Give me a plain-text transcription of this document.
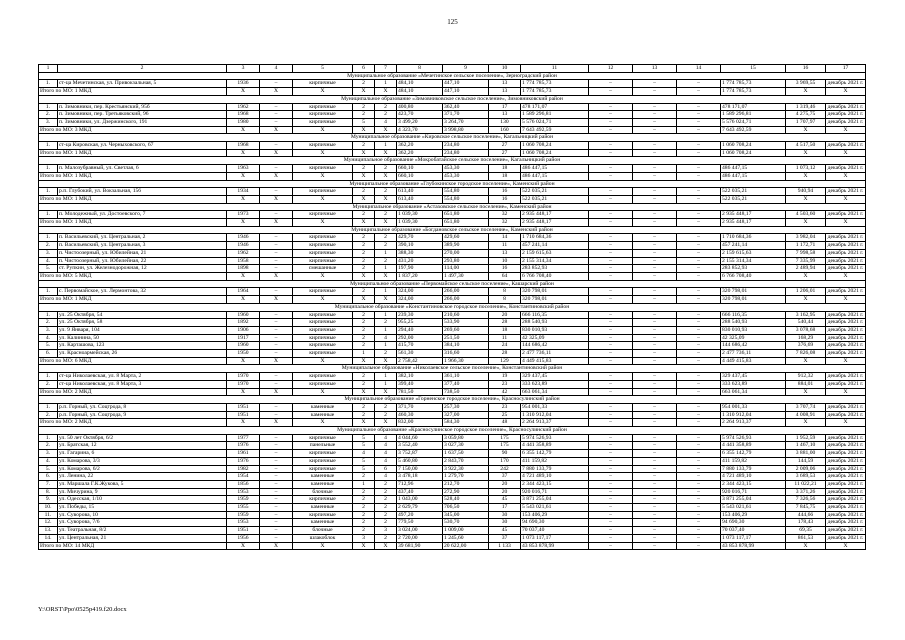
125
1	2	3	4	5	6	7	8	9	10	11	12	13	14	15	16	17
Муниципальное образование «Мечетинское сельское поселение», Зерноградский район																
1.	ст-ца Мечетинская, ул. Привокзальная, 5	1936	–	кирпичные	2	1	484,10	447,10	13	1 774 785,73	–	–	–	1 774 785,73	3 969,55	декабрь 2021 г.
Итого по МО: 1 МКД		X	X	X	X	X	484,10	447,10	13	1 774 785,73	–	–	–	1 774 785,73	X	X
Муниципальное образование «Зимовниковское сельское поселение», Зимовниковский район																
1.	п. Зимовники, пер. Крестьянский, 95б	1962	–	кирпичные	2	2	400,80	362,40	17	478 171,07	–	–	–	478 171,07	1 319,46	декабрь 2021 г.
2.	п. Зимовники, пер. Третьяковский, 96	1968	–	кирпичные	2	2	423,70	371,70	13	1 589 296,81	–	–	–	1 589 296,81	4 275,75	декабрь 2021 г.
3.	п. Зимовники, ул. Дзержинского, 191	1980	–	кирпичные	5	4	3 499,20	3 264,70	130	5 576 024,71	–	–	–	5 576 024,71	1 707,97	декабрь 2021 г.
Итого по МО: 3 МКД		X	X	X	X	X	4 323,70	3 998,80	160	7 643 492,59	–	–	–	7 643 492,59	X	X
Муниципальное образование «Кировское сельское поселение», Кагальницкий район																
1.	ст-ца Кировская, ул. Черныховского, 67	1968	–	кирпичные	2	1	362,20	234,80	27	1 060 708,24	–	–	–	1 060 708,24	4 517,50	декабрь 2021 г.
Итого по МО: 1 МКД		X	X	X	X	X	362,20	234,80	27	1 060 708,24	–	–	–	1 060 708,24	X	X
Муниципальное образование «Мокробатайское сельское поселение», Кагальницкий район																
1.	п. Малозубравный, ул. Светлая, 6	1963	–	кирпичные	2	2	660,10	453,30	18	486 447,15	–	–	–	486 447,15	1 073,12	декабрь 2021 г.
Итого по МО: 1 МКД		X	X	X	X	X	660,10	453,30	18	486 447,15	–	–	–	486 447,15	X	X
Муниципальное образование «Глубокинское городское поселение», Каменский район																
1.	р.п. Глубокий, ул. Вокзальная, 156	1934	–	кирпичные	2	2	613,40	554,80	16	522 035,21	–	–	–	522 035,21	940,94	декабрь 2021 г.
Итого по МО: 1 МКД		X	X	X	X	X	613,40	554,80	16	522 035,21	–	–	–	522 035,21	X	X
Муниципальное образование «Астаховское сельское поселение», Каменский район																
1.	п. Молодежный, ул. Достоевского, 7	1973	–	кирпичные	2	2	1 039,30	651,80	32	2 935 448,17	–	–	–	2 935 448,17	4 503,60	декабрь 2021 г.
Итого по МО: 1 МКД		X	X	X	X	X	1 039,30	651,80	32	2 935 448,17	–	–	–	2 935 448,17	X	X
Муниципальное образование «Богдановское сельское поселение», Каменский район																
1.	п. Васильевский, ул. Центральная, 2	1946	–	кирпичные	2	2	429,70	429,60	14	1 710 684,36	–	–	–	1 710 684,36	3 982,04	декабрь 2021 г.
2.	п. Васильевский, ул. Центральная, 3	1946	–	кирпичные	2	2	390,10	389,90	11	457 241,14	–	–	–	457 241,14	1 172,71	декабрь 2021 г.
3.	п. Чистоозерный, ул. Юбилейная, 21	1962	–	кирпичные	2	1	388,30	270,00	13	2 159 615,63	–	–	–	2 159 615,63	7 998,58	декабрь 2021 г.
4.	п. Чистоозерный, ул. Юбилейная, 22	1958	–	кирпичные	2	2	431,20	293,80	10	2 155 314,34	–	–	–	2 155 314,34	7 335,99	декабрь 2021 г.
5.	ст. Рупкин, ул. Железнодорожная, 12	1898	–	смешанные	2	1	197,90	114,00	16	283 852,93	–	–	–	283 852,93	2 489,94	декабрь 2021 г.
Итого по МО: 5 МКД		X	X	X	X	X	1 837,20	1 497,30	64	6 766 708,40	–	–	–	6 766 708,40	X	X
Муниципальное образование «Первомайское сельское поселение», Кашарский район																
1.	с. Первомайское, ул. Лермонтова, 32	1964	–	кирпичные	2	1	324,00	266,00	8	320 798,01	–	–	–	320 798,01	1 206,01	декабрь 2021 г.
Итого по МО: 1 МКД		X	X	X	X	X	324,00	266,00	8	320 798,01	–	–	–	320 798,01	X	X
Муниципальное образование «Константиновское городское поселение», Константиновский район																
1.	ул. 25 Октября, 54	1960	–	кирпичные	2	1	239,30	210,60	20	666 116,35	–	–	–	666 116,35	3 162,95	декабрь 2021 г.
2.	ул. 25 Октября, 58	1892	–	кирпичные	2	2	955,25	533,90	28	288 540,93	–	–	–	288 540,93	540,44	декабрь 2021 г.
3.	ул. 9 Января, 104	1906	–	кирпичные	2	1	294,40	269,60	18	830 010,93	–	–	–	830 010,93	3 078,68	декабрь 2021 г.
4.	ул. Калинина, 50	1917	–	кирпичные	2	4	292,00	251,50	11	42 325,09	–	–	–	42 325,09	168,29	декабрь 2021 г.
5.	ул. Карташова, 123	1960	–	кирпичные	2	1	415,70	384,10	24	144 686,42	–	–	–	144 686,42	376,69	декабрь 2021 г.
6.	ул. Красноармейская, 26	1950	–	кирпичные	1	2	561,30	316,60	28	2 477 736,11	–	–	–	2 477 736,11	7 826,08	декабрь 2021 г.
Итого по МО: 6 МКД		X	X	X	X	X	2 758,42	1 966,30	129	4 449 415,83	–	–	–	4 449 415,83	X	X
Муниципальное образование «Николаевское сельское поселение», Константиновский район																
1.	ст-ца Николаевская, ул. 8 Марта, 2	1970	–	кирпичные	2	1	382,10	361,10	19	329 437,45	–	–	–	329 437,45	912,32	декабрь 2021 г.
2.	ст-ца Николаевская, ул. 8 Марта, 3	1970	–	кирпичные	2	1	399,40	377,40	23	333 623,89	–	–	–	333 623,89	884,01	декабрь 2021 г.
Итого по МО: 2 МКД		X	X	X	X	X	781,50	738,50	42	663 061,34	–	–	–	663 061,34	X	X
Муниципальное образование «Горненское городское поселение», Красносулинский район																
1.	р.п. Горный, ул. Соцгрода, 8	1951	–	каменные	2	2	371,70	257,30	23	954 001,33	–	–	–	954 001,33	3 707,74	декабрь 2021 г.
2.	р.п. Горный, ул. Соцгрода, 9	1951	–	каменные	2	2	460,30	327,00	25	1 310 912,04	–	–	–	1 310 912,04	4 008,91	декабрь 2021 г.
Итого по МО: 2 МКД		X	X	X	X	X	832,00	584,30	48	2 264 913,37	–	–	–	2 264 913,37	X	X
Муниципальное образование «Красносулинское городское поселение», Красносулинский район																
1.	ул. 50 лет Октября, 6/2	1977	–	кирпичные	5	4	4 044,60	3 059,80	175	5 974 526,93	–	–	–	5 974 526,93	1 952,59	декабрь 2021 г.
2.	ул. Братская, 12	1976	–	панельные	5	4	3 552,40	3 027,30	175	4 441 358,89	–	–	–	4 441 358,89	1 467,10	декабрь 2021 г.
3.	ул. Гагарина, 6	1961	–	кирпичные	4	4	3 752,87	1 637,50	90	6 355 142,79	–	–	–	6 355 142,79	3 881,00	декабрь 2021 г.
4.	ул. Комарова, 3/3	1976	–	кирпичные	5	4	5 460,80	2 843,70	170	411 159,82	–	–	–	411 159,82	144,59	декабрь 2021 г.
5.	ул. Комарова, 6/2	1982	–	кирпичные	5	6	7 150,00	3 922,30	242	7 880 133,79	–	–	–	7 880 133,79	2 009,06	декабрь 2021 г.
6.	ул. Ленина, 22	1954	–	каменные	2	4	3 478,18	1 279,70	37	4 721 489,10	–	–	–	4 721 489,10	3 689,53	декабрь 2021 г.
7.	ул. Маршала Г.К.Жукова, 5	1856	–	каменные	1	2	712,96	212,70	20	2 344 423,15	–	–	–	2 344 423,15	11 022,21	декабрь 2021 г.
8.	ул. Мичурина, 9	1953	–	блочные	2	2	437,40	272,90	20	920 016,71	–	–	–	920 016,71	3 371,26	декабрь 2021 г.
9.	ул. Одесская, 1/10	1959	–	кирпичные	2	2	1 043,00	528,40	45	3 871 255,04	–	–	–	3 871 255,04	7 326,56	декабрь 2021 г.
10.	ул. Победы, 15	1955	–	каменные	2	2	2 629,79	706,50	17	5 543 021,61	–	–	–	5 543 021,61	7 845,75	декабрь 2021 г.
11.	ул. Суворова, 10	1959	–	кирпичные	2	2	497,20	345,00	30	153 406,29	–	–	–	153 406,29	444,66	декабрь 2021 г.
12.	ул. Суворова, 7/6	1953	–	каменные	2	2	779,50	530,70	30	94 690,30	–	–	–	94 690,30	178,43	декабрь 2021 г.
13.	ул. Театральная, 8/2	1951	–	блочные	2	3	3 024,00	1 009,00	45	70 037,40	–	–	–	70 037,40	69,35	декабрь 2021 г.
14.	ул. Центральная, 21	1956	–	шлакоблок	3	2	2 720,00	1 245,60	37	1 073 117,17	–	–	–	1 073 117,17	861,53	декабрь 2021 г.
Итого по МО: 14 МКД		X	X	X	X	X	39 681,90	20 622,00	1 133	43 853 878,99	–	–	–	43 853 878,99	X	X
Y:\ORST\Ppo\0525p419.f20.docx
